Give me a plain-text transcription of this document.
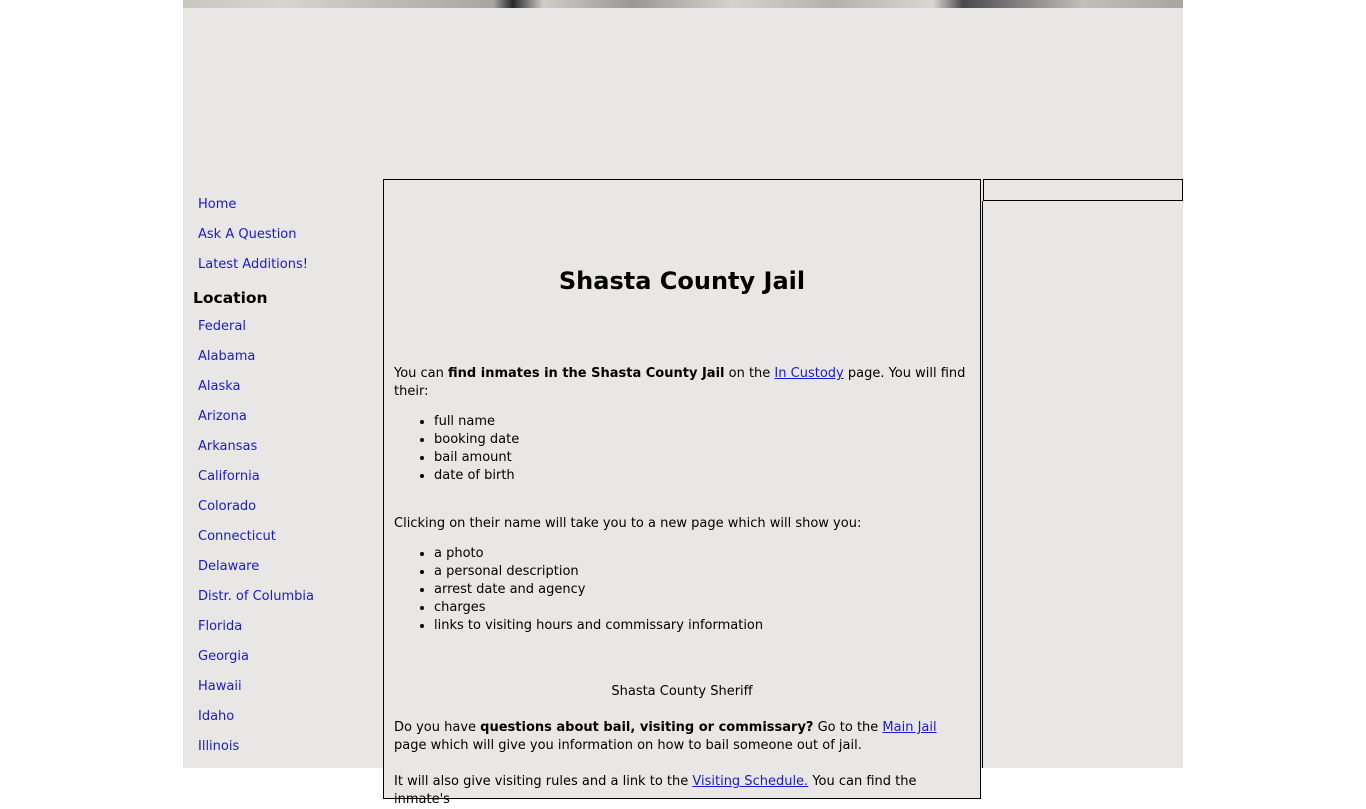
Home
Ask A Question
Latest Additions!
Location
Federal
Alabama
Alaska
Arizona
Arkansas
California
Colorado
Connecticut
Delaware
Distr. of Columbia
Florida
Georgia
Hawaii
Idaho
Illinois
Shasta County Jail

You can find inmates in the Shasta County Jail on the In Custody page. You will find their:

• full name
• booking date
• bail amount
• date of birth

Clicking on their name will take you to a new page which will show you:

• a photo
• a personal description
• arrest date and agency
• charges
• links to visiting hours and commissary information

Shasta County Sheriff

Do you have questions about bail, visiting or commissary? Go to the Main Jail page which will give you information on how to bail someone out of jail.

It will also give visiting rules and a link to the Visiting Schedule. You can find the inmate's
